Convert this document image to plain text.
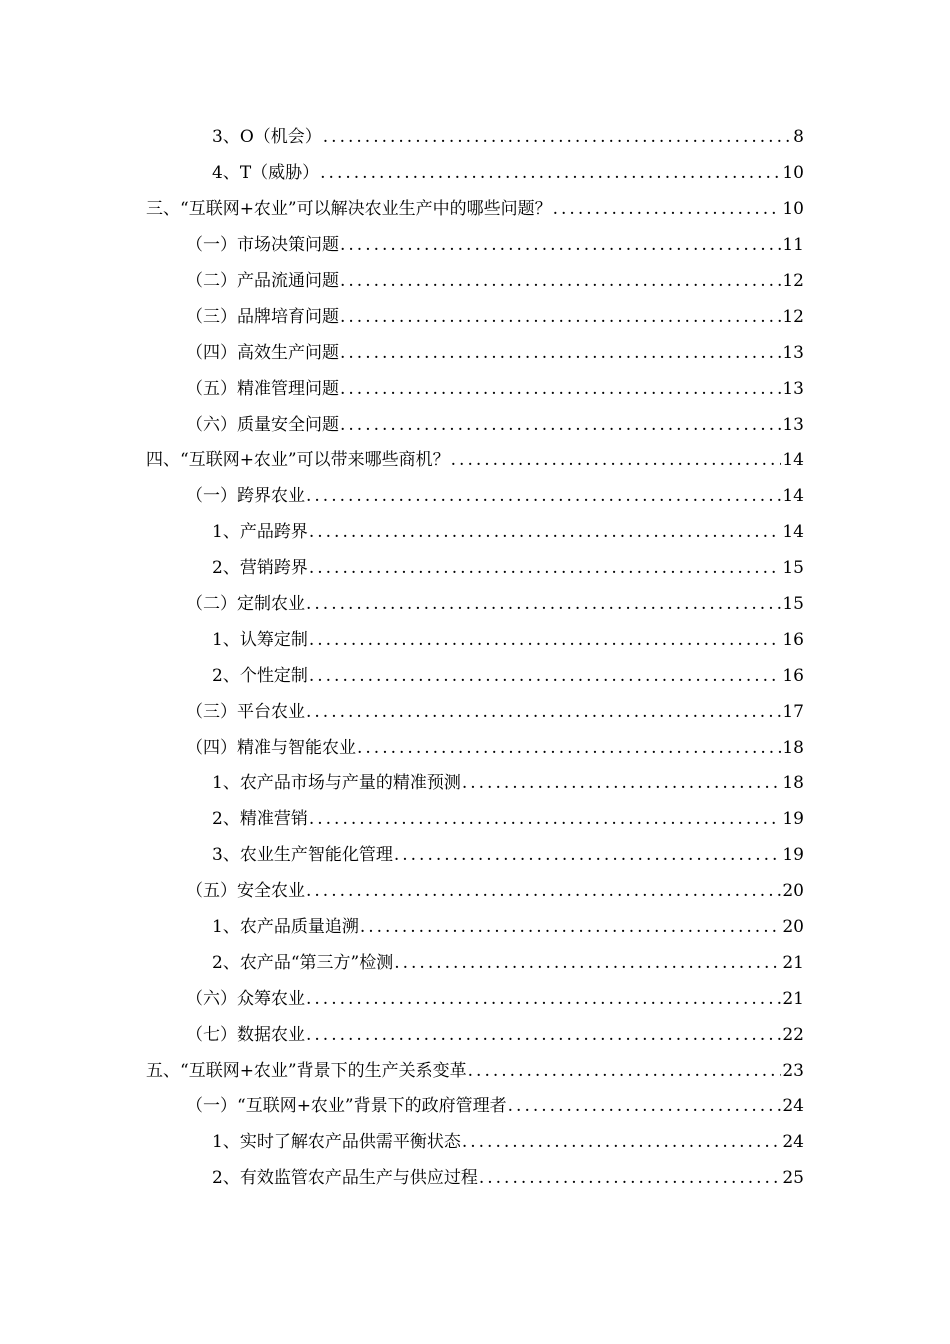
3、O（机会） .....	8
4、T（威胁） .....	10
三、“互联网+农业”可以解决农业生产中的哪些问题？ .....	10
（一）市场决策问题 .....	11
（二）产品流通问题 .....	12
（三）品牌培育问题 .....	12
（四）高效生产问题 .....	13
（五）精准管理问题 .....	13
（六）质量安全问题 .....	13
四、“互联网+农业”可以带来哪些商机？ .....	14
（一）跨界农业 .....	14
1、产品跨界 .....	14
2、营销跨界 .....	15
（二）定制农业 .....	15
1、认筹定制 .....	16
2、个性定制 .....	16
（三）平台农业 .....	17
（四）精准与智能农业 .....	18
1、农产品市场与产量的精准预测 .....	18
2、精准营销 .....	19
3、农业生产智能化管理 .....	19
（五）安全农业 .....	20
1、农产品质量追溯 .....	20
2、农产品“第三方”检测 .....	21
（六）众筹农业 .....	21
（七）数据农业 .....	22
五、“互联网+农业”背景下的生产关系变革 .....	23
（一）“互联网+农业”背景下的政府管理者 .....	24
1、实时了解农产品供需平衡状态 .....	24
2、有效监管农产品生产与供应过程 .....	25
